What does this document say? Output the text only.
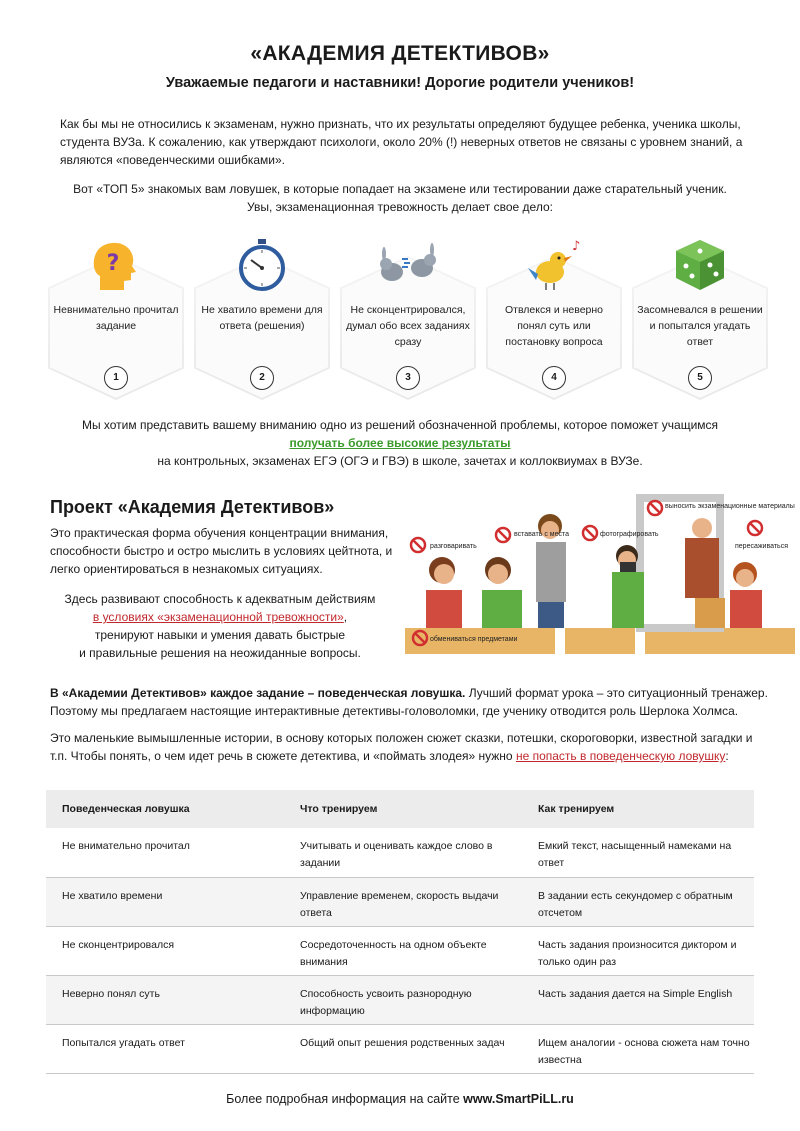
«АКАДЕМИЯ ДЕТЕКТИВОВ»
Уважаемые педагоги и наставники! Дорогие родители учеников!
Как бы мы не относились к экзаменам, нужно признать, что их результаты определяют будущее ребенка, ученика школы, студента ВУЗа. К сожалению, как утверждают психологи, около 20% (!) неверных ответов не связаны с уровнем знаний, а являются «поведенческими ошибками».
Вот «ТОП 5» знакомых вам ловушек, в которые попадает на экзамене или тестировании даже старательный ученик.
Увы, экзаменационная тревожность делает свое дело:
?
Невнимательно прочитал задание
1
Не хватило времени для ответа (решения)
2
Не сконцентрировался, думал обо всех заданиях сразу
3
♪
Отвлекся и неверно понял суть или постановку вопроса
4
Засомневался в решении и попытался угадать ответ
5
Мы хотим представить вашему вниманию одно из решений обозначенной проблемы, которое поможет учащимся
получать более высокие результаты
на контрольных, экзаменах ЕГЭ (ОГЭ и ГВЭ) в школе, зачетах и коллоквиумах в ВУЗе.
Проект «Академия Детективов»
Это практическая форма обучения концентрации внимания, способности быстро и остро мыслить в условиях цейтнота, и легко ориентироваться в незнакомых ситуациях.
Здесь развивают способность к адекватным действиям
в условиях «экзаменационной тревожности»,
тренируют навыки и умения давать быстрые
и правильные решения на неожиданные вопросы.
разговаривать
вставать с места	фотографировать
выносить экзаменационные материалы
пересаживаться
обмениваться предметами
В «Академии Детективов» каждое задание – поведенческая ловушка. Лучший формат урока – это ситуационный тренажер. Поэтому мы предлагаем настоящие интерактивные детективы-головоломки, где ученику отводится роль Шерлока Холмса.
Это маленькие вымышленные истории, в основу которых положен сюжет сказки, потешки, скороговорки, известной загадки и т.п. Чтобы понять, о чем идет речь в сюжете детектива, и «поймать злодея» нужно не попасть в поведенческую ловушку:
Поведенческая ловушка	Что тренируем	Как тренируем
Не внимательно прочитал	Учитывать и оценивать каждое слово в задании	Емкий текст, насыщенный намеками на ответ
Не хватило времени	Управление временем, скорость выдачи ответа	В задании есть секундомер с обратным отсчетом
Не сконцентрировался	Сосредоточенность на одном объекте внимания	Часть задания произносится диктором и только один раз
Неверно понял суть	Способность усвоить разнородную информацию	Часть задания дается на Simple English
Попытался угадать ответ	Общий опыт решения родственных задач	Ищем аналогии - основа сюжета нам точно известна
Более подробная информация на сайте www.SmartPiLL.ru
